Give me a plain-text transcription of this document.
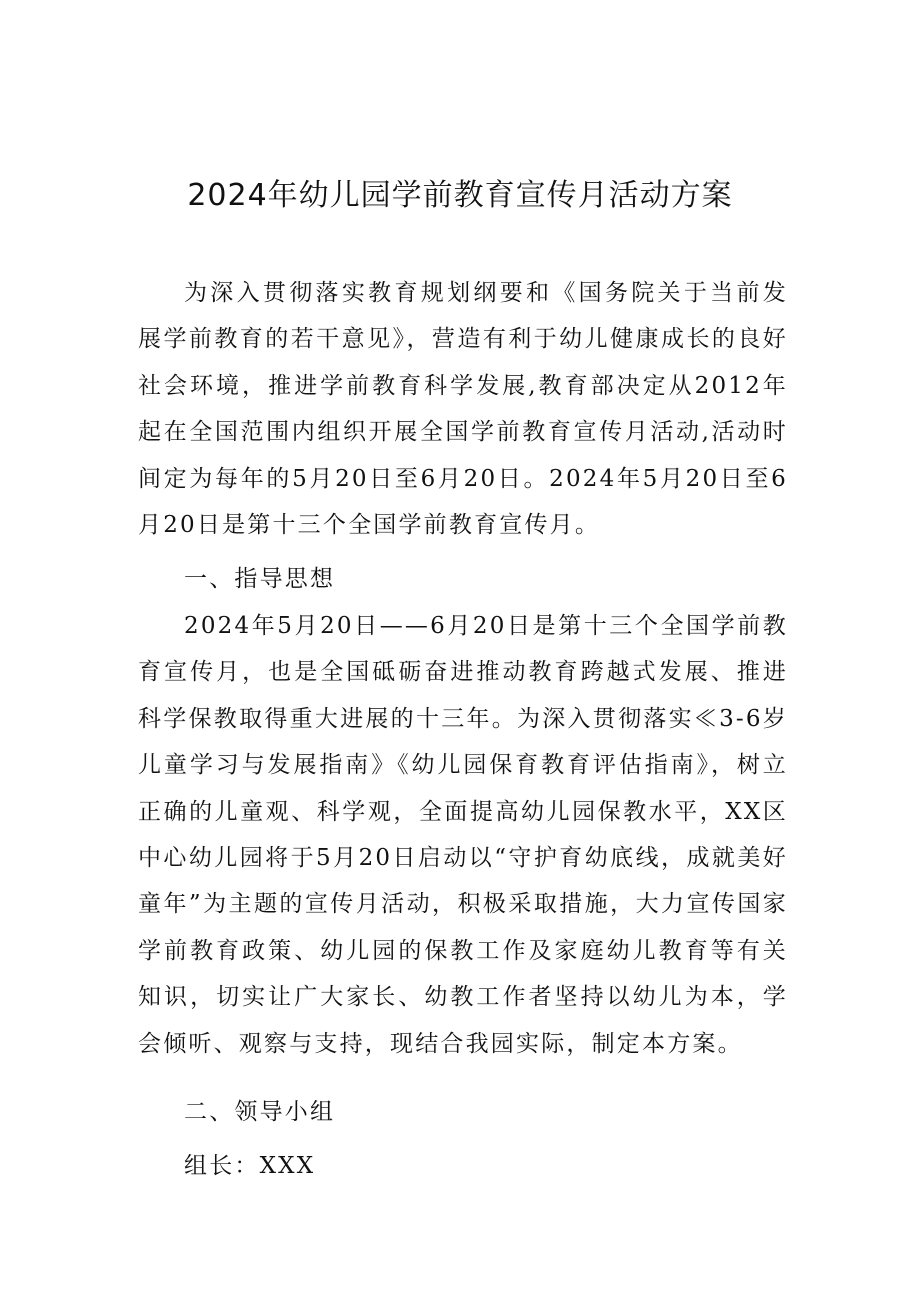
2024年幼儿园学前教育宣传月活动方案

为深入贯彻落实教育规划纲要和《国务院关于当前发展学前教育的若干意见》，营造有利于幼儿健康成长的良好社会环境，推进学前教育科学发展,教育部决定从2012年起在全国范围内组织开展全国学前教育宣传月活动,活动时间定为每年的5月20日至6月20日。2024年5月20日至6月20日是第十三个全国学前教育宣传月。

一、指导思想

2024年5月20日——6月20日是第十三个全国学前教育宣传月，也是全国砥砺奋进推动教育跨越式发展、推进科学保教取得重大进展的十三年。为深入贯彻落实≪3-6岁儿童学习与发展指南》《幼儿园保育教育评估指南》，树立正确的儿童观、科学观，全面提高幼儿园保教水平，XX区中心幼儿园将于5月20日启动以“守护育幼底线，成就美好童年”为主题的宣传月活动，积极采取措施，大力宣传国家学前教育政策、幼儿园的保教工作及家庭幼儿教育等有关知识，切实让广大家长、幼教工作者坚持以幼儿为本，学会倾听、观察与支持，现结合我园实际，制定本方案。

二、领导小组

组长：XXX
